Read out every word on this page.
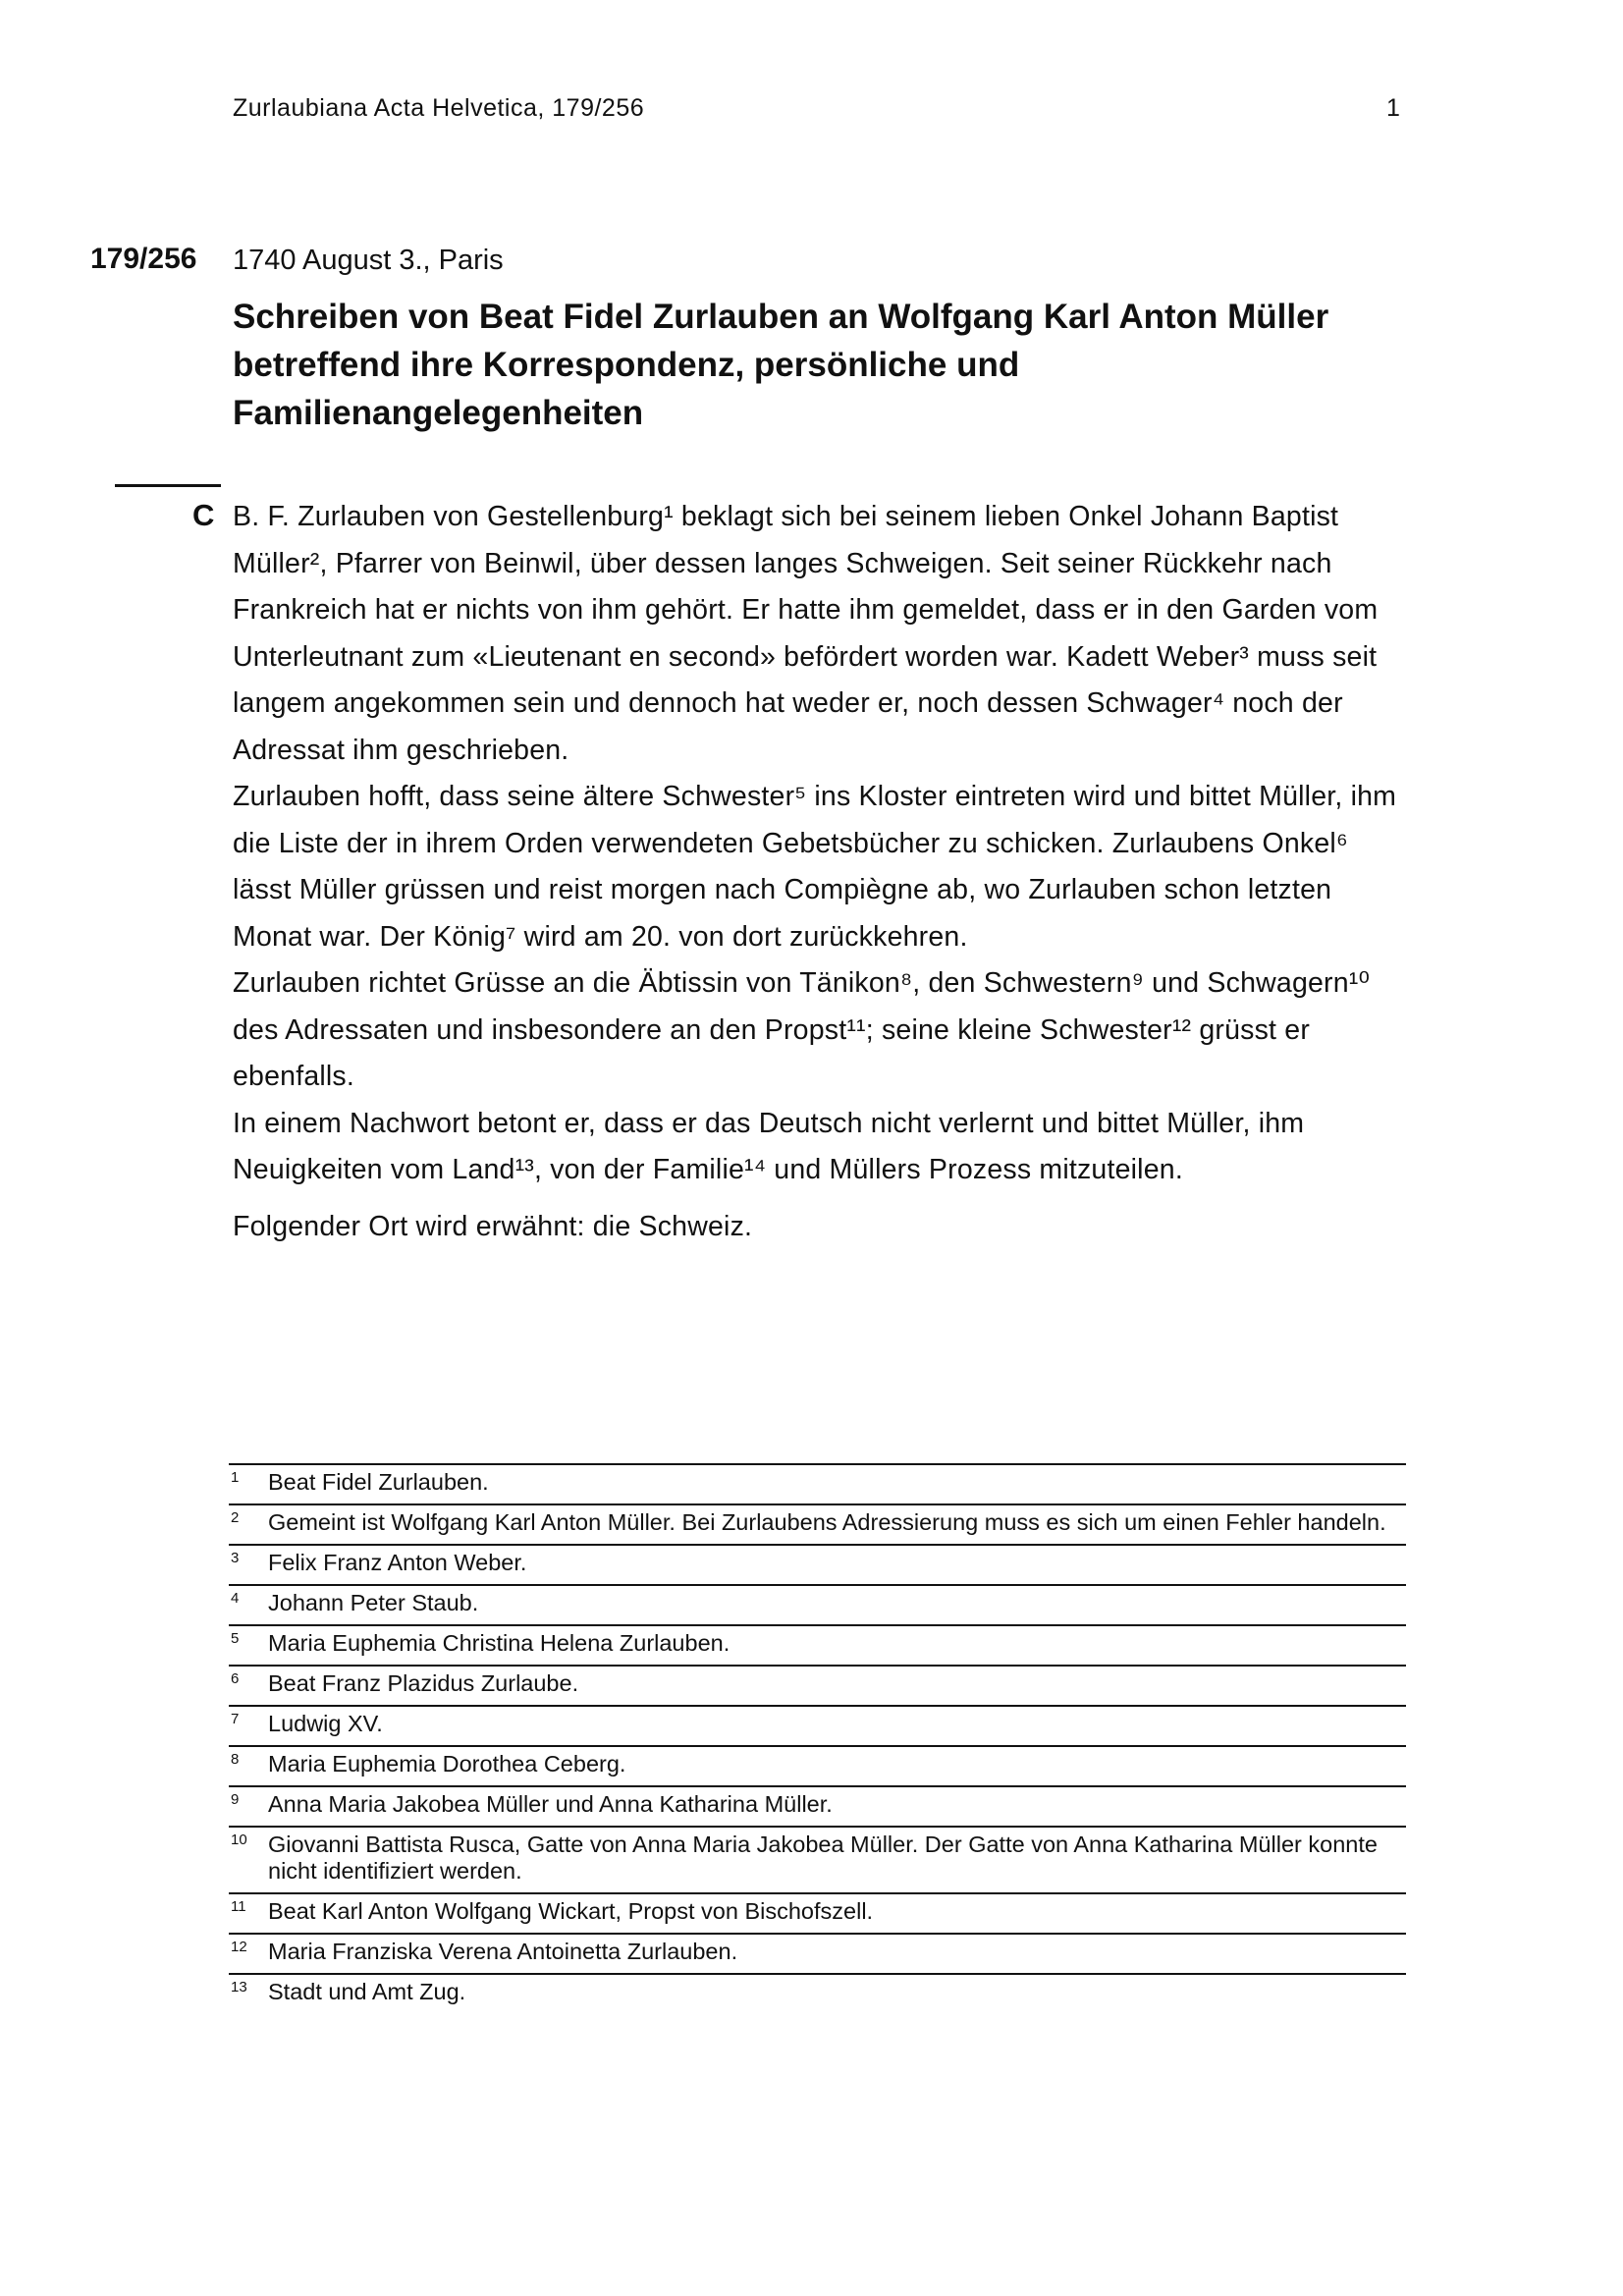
Zurlaubiana Acta Helvetica, 179/256	1
179/256 1740 August 3., Paris
Schreiben von Beat Fidel Zurlauben an Wolfgang Karl Anton Müller betreffend ihre Korrespondenz, persönliche und Familienangelegenheiten
C B. F. Zurlauben von Gestellenburg¹ beklagt sich bei seinem lieben Onkel Johann Baptist Müller², Pfarrer von Beinwil, über dessen langes Schweigen. Seit seiner Rückkehr nach Frankreich hat er nichts von ihm gehört. Er hatte ihm gemeldet, dass er in den Garden vom Unterleutnant zum «Lieutenant en second» befördert worden war. Kadett Weber³ muss seit langem angekommen sein und dennoch hat weder er, noch dessen Schwager⁴ noch der Adressat ihm geschrieben.

Zurlauben hofft, dass seine ältere Schwester⁵ ins Kloster eintreten wird und bittet Müller, ihm die Liste der in ihrem Orden verwendeten Gebetsbücher zu schicken. Zurlaubens Onkel⁶ lässt Müller grüssen und reist morgen nach Compiègne ab, wo Zurlauben schon letzten Monat war. Der König⁷ wird am 20. von dort zurückkehren.

Zurlauben richtet Grüsse an die Äbtissin von Tänikon⁸, den Schwestern⁹ und Schwagern¹⁰ des Adressaten und insbesondere an den Propst¹¹; seine kleine Schwester¹² grüsst er ebenfalls.

In einem Nachwort betont er, dass er das Deutsch nicht verlernt und bittet Müller, ihm Neuigkeiten vom Land¹³, von der Familie¹⁴ und Müllers Prozess mitzuteilen.

Folgender Ort wird erwähnt: die Schweiz.

1	Beat Fidel Zurlauben.
2	Gemeint ist Wolfgang Karl Anton Müller. Bei Zurlaubens Adressierung muss es sich um einen Fehler handeln.
3	Felix Franz Anton Weber.
4	Johann Peter Staub.
5	Maria Euphemia Christina Helena Zurlauben.
6	Beat Franz Plazidus Zurlaube.
7	Ludwig XV.
8	Maria Euphemia Dorothea Ceberg.
9	Anna Maria Jakobea Müller und Anna Katharina Müller.
10 Giovanni Battista Rusca, Gatte von Anna Maria Jakobea Müller. Der Gatte von Anna Katharina Müller konnte nicht identifiziert werden.
11 Beat Karl Anton Wolfgang Wickart, Propst von Bischofszell.
12 Maria Franziska Verena Antoinetta Zurlauben.
13 Stadt und Amt Zug.
